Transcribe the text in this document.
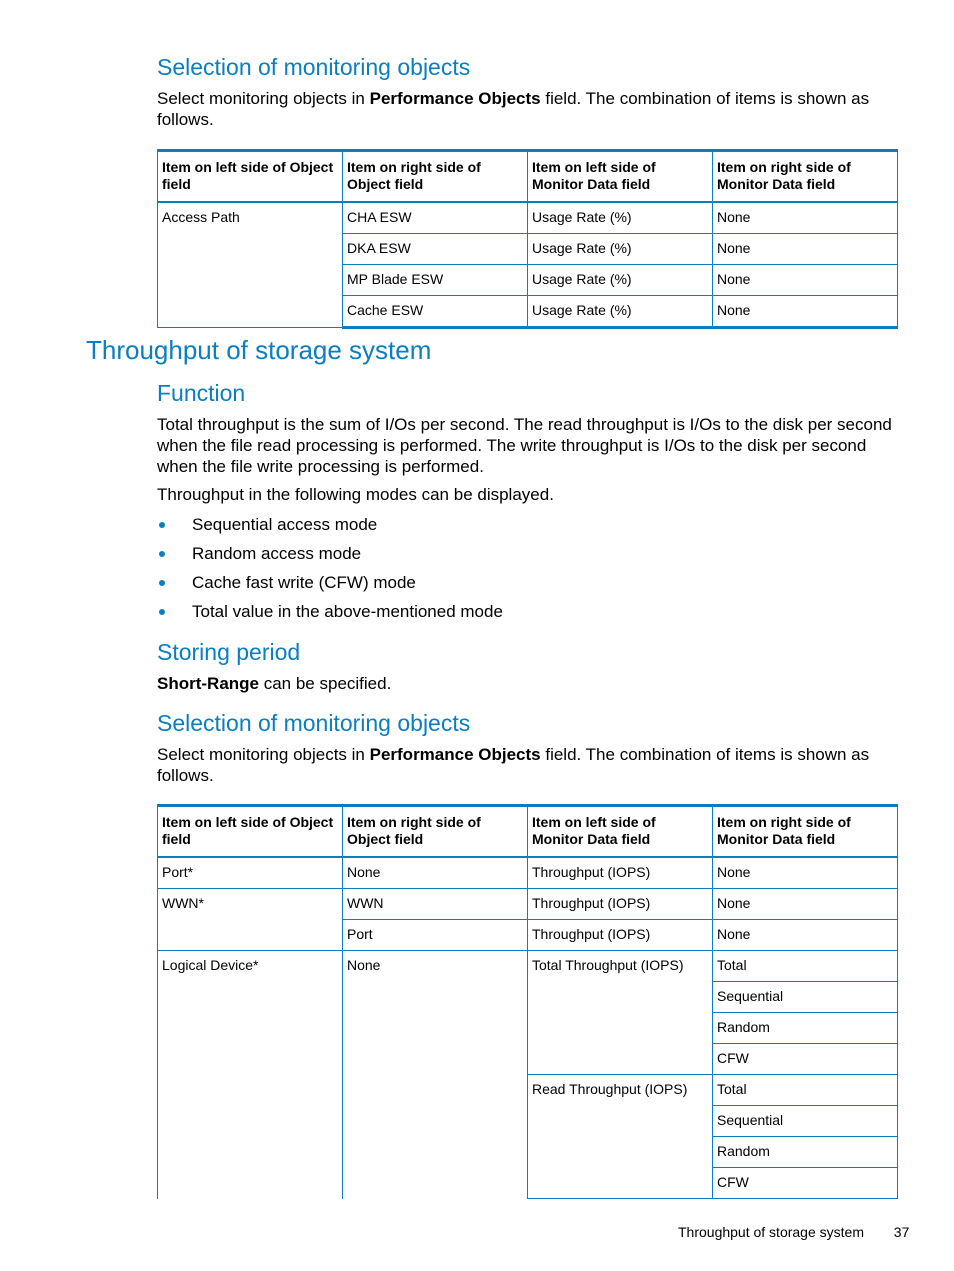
Selection of monitoring objects

Select monitoring objects in Performance Objects field. The combination of items is shown as follows.

Item on left side of Object field	Item on right side of Object field	Item on left side of Monitor Data field	Item on right side of Monitor Data field
Access Path	CHA ESW	Usage Rate (%)	None
	DKA ESW	Usage Rate (%)	None
	MP Blade ESW	Usage Rate (%)	None
	Cache ESW	Usage Rate (%)	None
Throughput of storage system
Function

Total throughput is the sum of I/Os per second. The read throughput is I/Os to the disk per second when the file read processing is performed. The write throughput is I/Os to the disk per second when the file write processing is performed.

Throughput in the following modes can be displayed.

Sequential access mode
Random access mode
Cache fast write (CFW) mode
Total value in the above-mentioned mode
Storing period

Short-Range can be specified.

Selection of monitoring objects

Select monitoring objects in Performance Objects field. The combination of items is shown as follows.

Item on left side of Object field	Item on right side of Object field	Item on left side of Monitor Data field	Item on right side of Monitor Data field
Port*	None	Throughput (IOPS)	None
WWN*	WWN	Throughput (IOPS)	None
	Port	Throughput (IOPS)	None
Logical Device*	None	Total Throughput (IOPS)	Total
			Sequential
			Random
			CFW
		Read Throughput (IOPS)	Total
			Sequential
			Random
			CFW
Throughput of storage system 37
